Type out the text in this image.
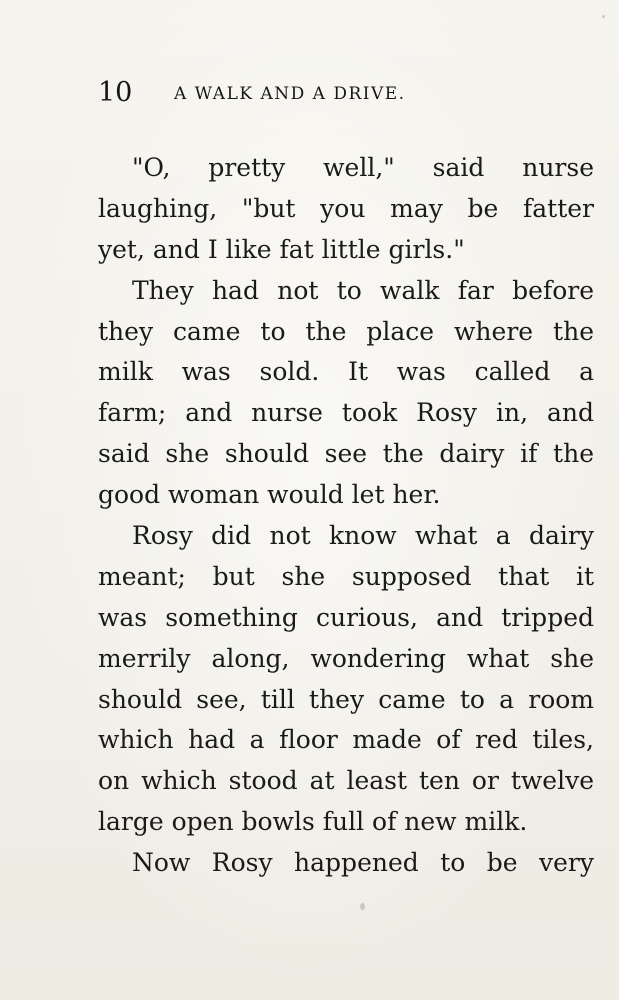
10 A WALK AND A DRIVE.
"O, pretty well," said nurse
laughing, "but you may be fatter
yet, and I like fat little girls."
They had not to walk far before
they came to the place where the
milk was sold. It was called a
farm; and nurse took Rosy in, and
said she should see the dairy if the
good woman would let her.
Rosy did not know what a dairy
meant; but she supposed that it
was something curious, and tripped
merrily along, wondering what she
should see, till they came to a room
which had a floor made of red tiles,
on which stood at least ten or twelve
large open bowls full of new milk.
Now Rosy happened to be very
